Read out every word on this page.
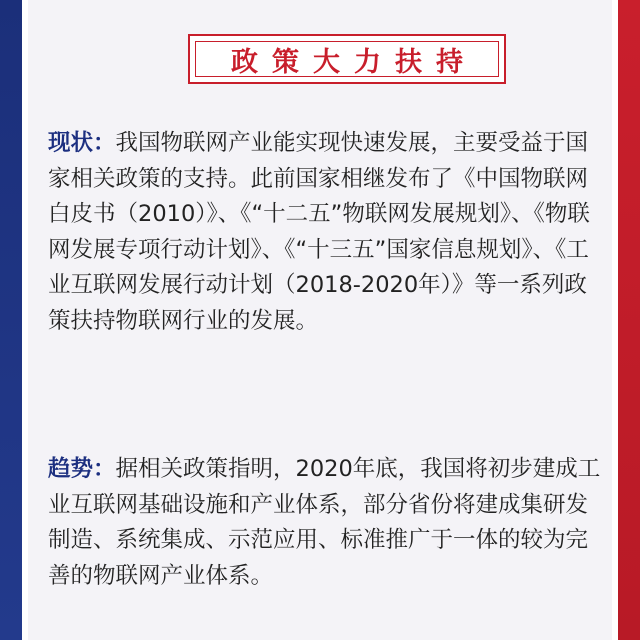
政策大力扶持
现状：我国物联网产业能实现快速发展，主要受益于国家相关政策的支持。此前国家相继发布了《中国物联网白皮书（2010）》、《“十二五”物联网发展规划》、《物联网发展专项行动计划》、《“十三五”国家信息规划》、《工业互联网发展行动计划（2018-2020年）》等一系列政策扶持物联网行业的发展。
趋势：据相关政策指明，2020年底，我国将初步建成工业互联网基础设施和产业体系，部分省份将建成集研发制造、系统集成、示范应用、标准推广于一体的较为完善的物联网产业体系。
